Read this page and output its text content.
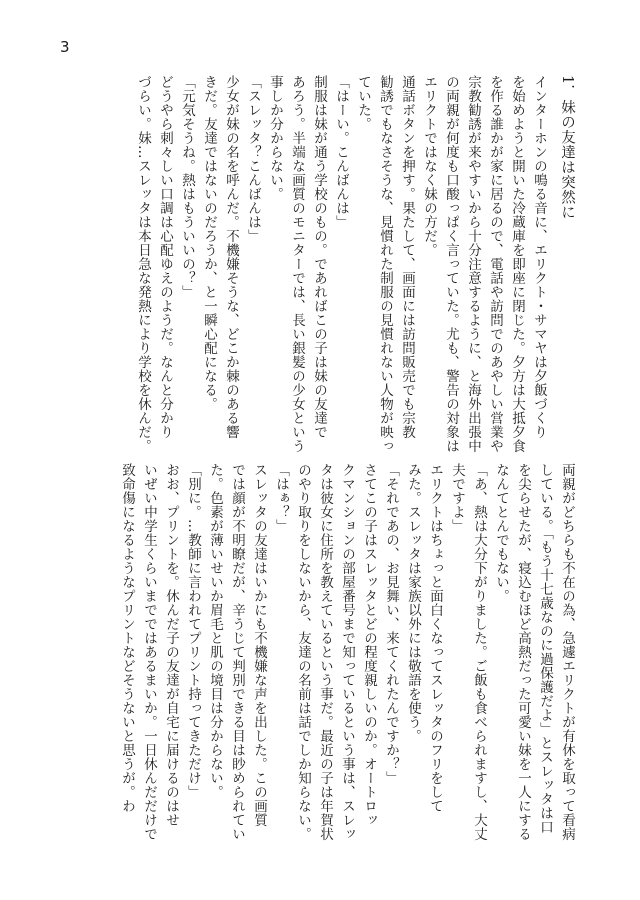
3
1．妹の友達は突然に
インターホンの鳴る音に、エリクト・サマヤは夕飯づくり
を始めようと開いた冷蔵庫を即座に閉じた。夕方は大抵夕食
を作る誰かが家に居るので、電話や訪問でのあやしい営業や
宗教勧誘が来やすいから十分注意するように、と海外出張中
の両親が何度も口酸っぱく言っていた。尤も、警告の対象は
エリクトではなく妹の方だ。
通話ボタンを押す。果たして、画面には訪問販売でも宗教
勧誘でもなさそうな、見慣れた制服の見慣れない人物が映っ
ていた。
「はーい。こんばんは」
制服は妹が通う学校のもの。であればこの子は妹の友達で
あろう。半端な画質のモニターでは、長い銀髪の少女という
事しか分からない。
「スレッタ？こんばんは」
少女が妹の名を呼んだ。不機嫌そうな、どこか棘のある響
きだ。友達ではないのだろうか、と一瞬心配になる。
「元気そうね。熱はもういいの？」
どうやら刺々しい口調は心配ゆえのようだ。なんと分かり
づらい。妹…スレッタは本日急な発熱により学校を休んだ。
両親がどちらも不在の為、急遽エリクトが有休を取って看病
している。「もう十七歳なのに過保護だよ」とスレッタは口
を尖らせたが、寝込むほど高熱だった可愛い妹を一人にする
なんてとんでもない。
「あ、熱は大分下がりました。ご飯も食べられますし、大丈
夫ですよ」
エリクトはちょっと面白くなってスレッタのフリをして
みた。スレッタは家族以外には敬語を使う。
「それであの、お見舞い、来てくれたんですか？」
さてこの子はスレッタとどの程度親しいのか。オートロッ
クマンションの部屋番号まで知っているという事は、スレッ
タは彼女に住所を教えているという事だ。最近の子は年賀状
のやり取りをしないから、友達の名前は話でしか知らない。
「はぁ？」
スレッタの友達はいかにも不機嫌な声を出した。この画質
では顔が不明瞭だが、辛うじて判別できる目は眇められてい
た。色素が薄いせいか眉毛と肌の境目は分からない。
「別に。…教師に言われてプリント持ってきただけ」
おお、プリントを。休んだ子の友達が自宅に届けるのはせ
いぜい中学生くらいまでではあるまいか。一日休んだだけで
致命傷になるようなプリントなどそうないと思うが。わ
